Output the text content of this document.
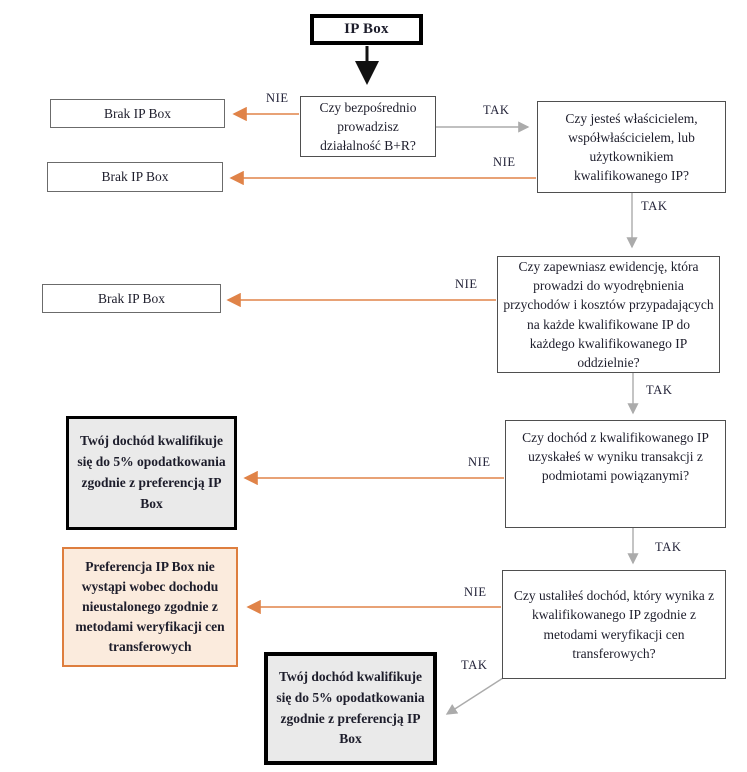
IP Box
Czy bezpośrednio prowadzisz działalność B+R?
Brak IP Box	Czy jesteś właścicielem, współwłaścicielem, lub użytkownikiem kwalifikowanego IP?
Brak IP Box
Czy zapewniasz ewidencję, która prowadzi do wyodrębnienia przychodów i kosztów przypadających na każde kwalifikowane IP do każdego kwalifikowanego IP oddzielnie?
Brak IP Box
Czy dochód z kwalifikowanego IP uzyskałeś w wyniku transakcji z podmiotami powiązanymi?
Twój dochód kwalifikuje się do 5% opodatkowania zgodnie z preferencją IP Box
Czy ustaliłeś dochód, który wynika z kwalifikowanego IP zgodnie z metodami weryfikacji cen transferowych?
Preferencja IP Box nie wystąpi wobec dochodu nieustalonego zgodnie z metodami weryfikacji cen transferowych
Twój dochód kwalifikuje się do 5% opodatkowania zgodnie z preferencją IP Box
NIE
TAK
NIE
TAK
NIE
TAK
NIE
TAK
NIE
TAK
